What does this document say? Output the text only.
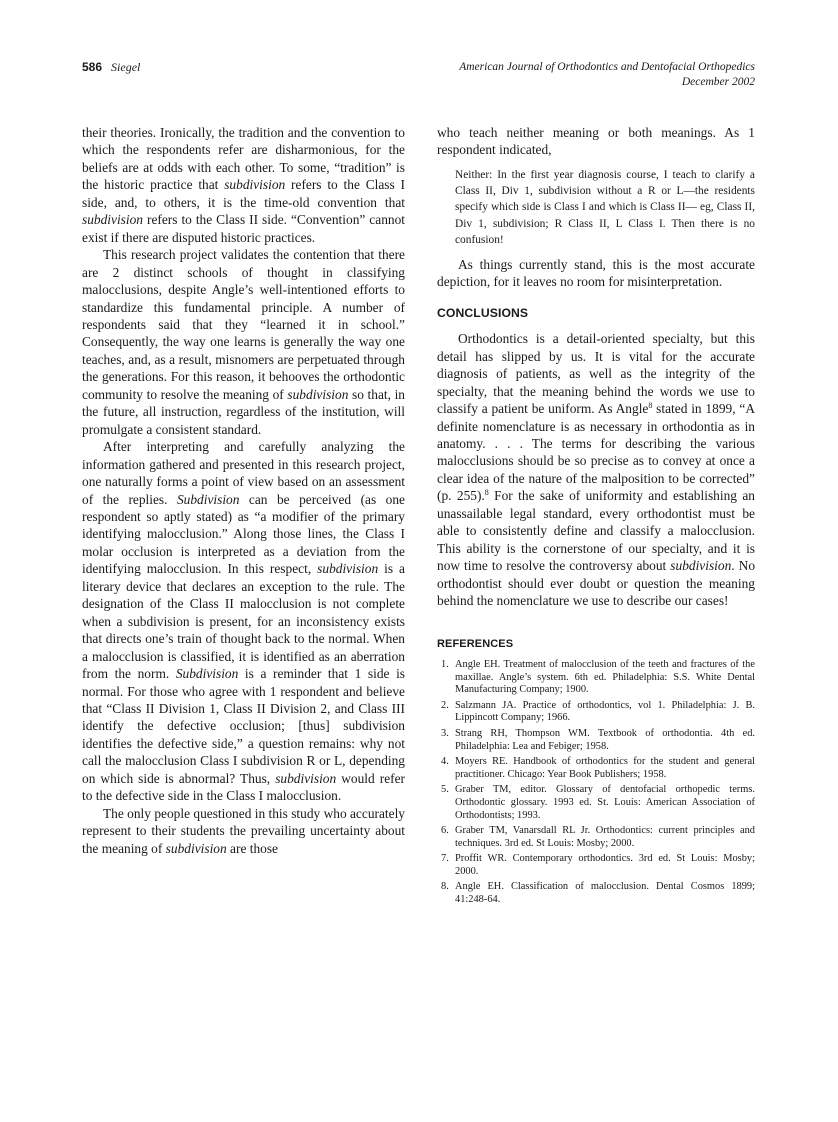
586 Siegel	American Journal of Orthodontics and Dentofacial Orthopedics
December 2002

their theories. Ironically, the tradition and the convention to which the respondents refer are disharmonious, for the beliefs are at odds with each other. To some, “tradition” is the historic practice that subdivision refers to the Class I side, and, to others, it is the time-old convention that subdivision refers to the Class II side. “Convention” cannot exist if there are disputed historic practices.

This research project validates the contention that there are 2 distinct schools of thought in classifying malocclusions, despite Angle’s well-intentioned efforts to standardize this fundamental principle. A number of respondents said that they “learned it in school.” Consequently, the way one learns is generally the way one teaches, and, as a result, misnomers are perpetuated through the generations. For this reason, it behooves the orthodontic community to resolve the meaning of subdivision so that, in the future, all instruction, regardless of the institution, will promulgate a consistent standard.

After interpreting and carefully analyzing the information gathered and presented in this research project, one naturally forms a point of view based on an assessment of the replies. Subdivision can be perceived (as one respondent so aptly stated) as “a modifier of the primary identifying malocclusion.” Along those lines, the Class I molar occlusion is interpreted as a deviation from the identifying malocclusion. In this respect, subdivision is a literary device that declares an exception to the rule. The designation of the Class II malocclusion is not complete when a subdivision is present, for an inconsistency exists that directs one’s train of thought back to the normal. When a malocclusion is classified, it is identified as an aberration from the norm. Subdivision is a reminder that 1 side is normal. For those who agree with 1 respondent and believe that “Class II Division 1, Class II Division 2, and Class III identify the defective occlusion; [thus] subdivision identifies the defective side,” a question remains: why not call the malocclusion Class I subdivision R or L, depending on which side is abnormal? Thus, subdivision would refer to the defective side in the Class I malocclusion.

The only people questioned in this study who accurately represent to their students the prevailing uncertainty about the meaning of subdivision are those

who teach neither meaning or both meanings. As 1 respondent indicated,

Neither: In the first year diagnosis course, I teach to clarify a Class II, Div 1, subdivision without a R or L—the residents specify which side is Class I and which is Class II— eg, Class II, Div 1, subdivision; R Class II, L Class I. Then there is no confusion!

As things currently stand, this is the most accurate depiction, for it leaves no room for misinterpretation.

CONCLUSIONS

Orthodontics is a detail-oriented specialty, but this detail has slipped by us. It is vital for the accurate diagnosis of patients, as well as the integrity of the specialty, that the meaning behind the words we use to classify a patient be uniform. As Angle$^8$ stated in 1899, “A definite nomenclature is as necessary in orthodontia as in anatomy. . . . The terms for describing the various malocclusions should be so precise as to convey at once a clear idea of the nature of the malposition to be corrected” (p. 255).$^8$ For the sake of uniformity and establishing an unassailable legal standard, every orthodontist must be able to consistently define and classify a malocclusion. This ability is the cornerstone of our specialty, and it is now time to resolve the controversy about subdivision. No orthodontist should ever doubt or question the meaning behind the nomenclature we use to describe our cases!

REFERENCES

1. Angle EH. Treatment of malocclusion of the teeth and fractures of the maxillae. Angle’s system. 6th ed. Philadelphia: S.S. White Dental Manufacturing Company; 1900.
2. Salzmann JA. Practice of orthodontics, vol 1. Philadelphia: J. B. Lippincott Company; 1966.
3. Strang RH, Thompson WM. Textbook of orthodontia. 4th ed. Philadelphia: Lea and Febiger; 1958.
4. Moyers RE. Handbook of orthodontics for the student and general practitioner. Chicago: Year Book Publishers; 1958.
5. Graber TM, editor. Glossary of dentofacial orthopedic terms. Orthodontic glossary. 1993 ed. St. Louis: American Association of Orthodontists; 1993.
6. Graber TM, Vanarsdall RL Jr. Orthodontics: current principles and techniques. 3rd ed. St Louis: Mosby; 2000.
7. Proffit WR. Contemporary orthodontics. 3rd ed. St Louis: Mosby; 2000.
8. Angle EH. Classification of malocclusion. Dental Cosmos 1899; 41:248-64.
